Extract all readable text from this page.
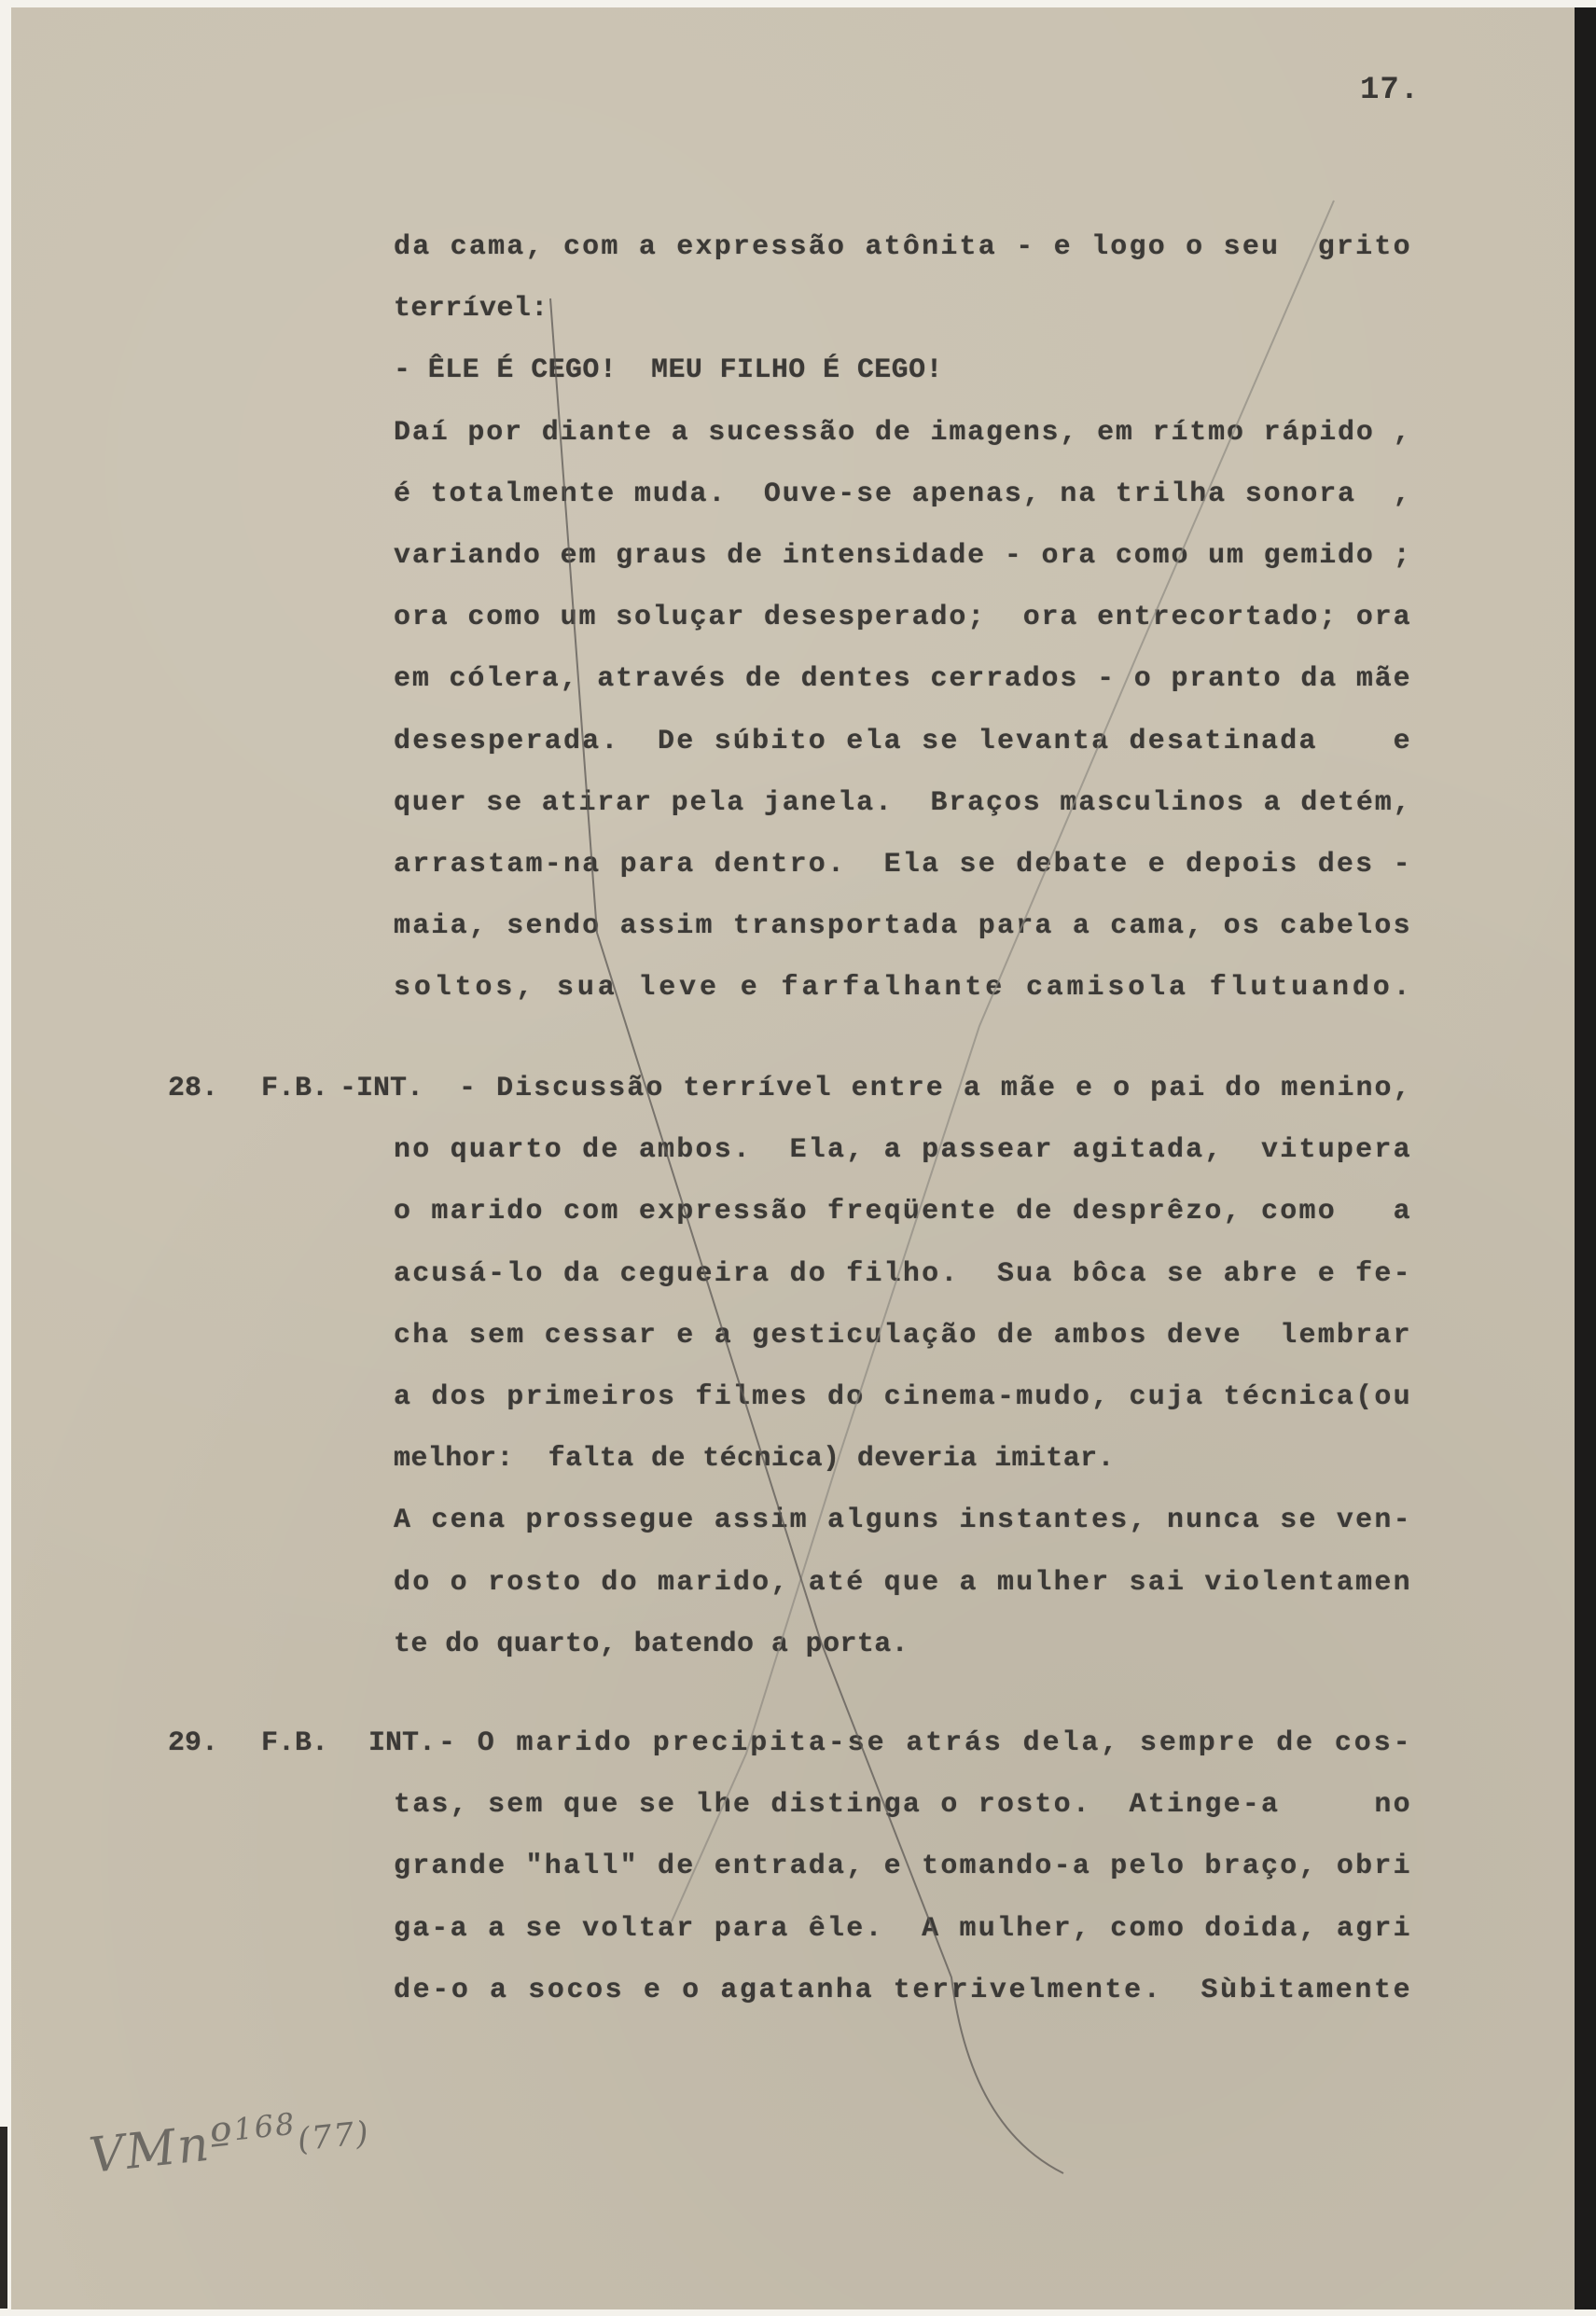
17.
da cama, com a expressão atônita - e logo o seu  grito
terrível:
- ÊLE É CEGO!  MEU FILHO É CEGO!
Daí por diante a sucessão de imagens, em rítmo rápido ,
é totalmente muda.  Ouve-se apenas, na trilha sonora  ,
variando em graus de intensidade - ora como um gemido ;
ora como um soluçar desesperado;  ora entrecortado; ora
em cólera, através de dentes cerrados - o pranto da mãe
desesperada.  De súbito ela se levanta desatinada    e
quer se atirar pela janela.  Braços masculinos a detém,
arrastam-na para dentro.  Ela se debate e depois des -
maia, sendo assim transportada para a cama, os cabelos
soltos, sua leve e farfalhante camisola flutuando.
28. F.B. -INT. - Discussão terrível entre a mãe e o pai do menino,
no quarto de ambos.  Ela, a passear agitada,  vitupera
o marido com expressão freqüente de desprêzo, como   a
acusá-lo da cegueira do filho.  Sua bôca se abre e fe-
cha sem cessar e a gesticulação de ambos deve  lembrar
a dos primeiros filmes do cinema-mudo, cuja técnica(ou
melhor:  falta de técnica) deveria imitar.
A cena prossegue assim alguns instantes, nunca se ven-
do o rosto do marido, até que a mulher sai violentamen
te do quarto, batendo a porta.
29. F.B. INT. - O marido precipita-se atrás dela, sempre de cos-
tas, sem que se lhe distinga o rosto.  Atinge-a     no
grande "hall" de entrada, e tomando-a pelo braço, obri
ga-a a se voltar para êle.  A mulher, como doida, agri
de-o a socos e o agatanha terrivelmente.  Sùbitamente
VMnº$^{168}$(77)
